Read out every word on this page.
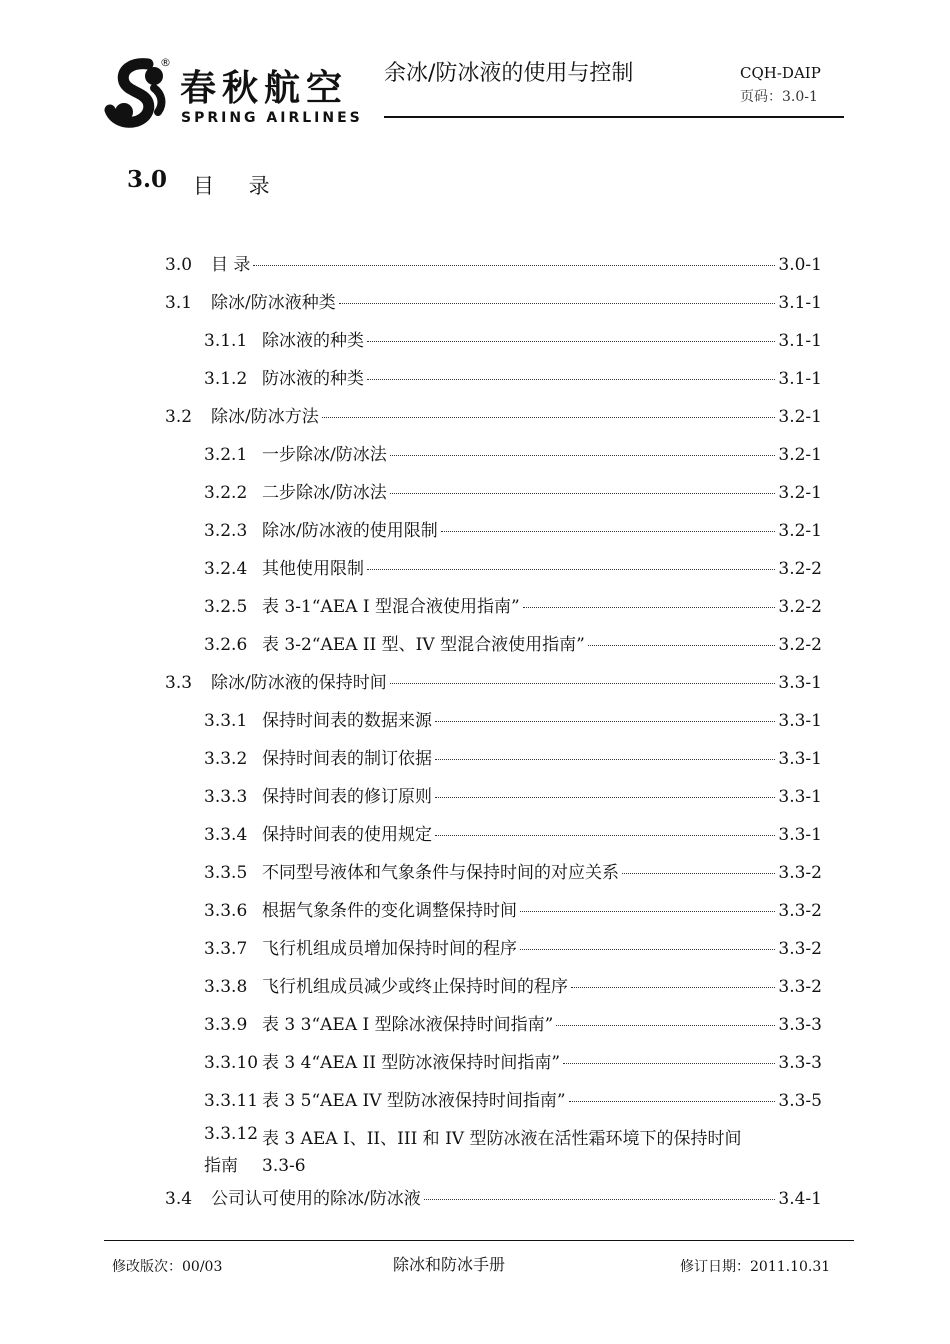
®
春秋航空
SPRING AIRLINES
余冰/防冰液的使用与控制	CQH-DAIP
页码：3.0-1
3.0 目 录
3.0	目 录	3.0-1
3.1	除冰/防冰液种类	3.1-1
3.1.1 除冰液的种类	3.1-1
3.1.2 防冰液的种类	3.1-1
3.2	除冰/防冰方法	3.2-1
3.2.1 一步除冰/防冰法	3.2-1
3.2.2 二步除冰/防冰法	3.2-1
3.2.3 除冰/防冰液的使用限制	3.2-1
3.2.4 其他使用限制	3.2-2
3.2.5 表 3-1“AEA I 型混合液使用指南”	3.2-2
3.2.6 表 3-2“AEA II 型、IV 型混合液使用指南”	3.2-2
3.3	除冰/防冰液的保持时间	3.3-1
3.3.1 保持时间表的数据来源	3.3-1
3.3.2 保持时间表的制订依据	3.3-1
3.3.3 保持时间表的修订原则	3.3-1
3.3.4 保持时间表的使用规定	3.3-1
3.3.5 不同型号液体和气象条件与保持时间的对应关系	3.3-2
3.3.6 根据气象条件的变化调整保持时间	3.3-2
3.3.7 飞行机组成员增加保持时间的程序	3.3-2
3.3.8 飞行机组成员减少或终止保持时间的程序	3.3-2
3.3.9 表 3 3“AEA I 型除冰液保持时间指南”	3.3-3
3.3.10 表 3 4“AEA II 型防冰液保持时间指南”	3.3-3
3.3.11 表 3 5“AEA IV 型防冰液保持时间指南”	3.3-5
3.3.12 表 3 AEA I、II、III 和 IV 型防冰液在活性霜环境下的保持时间
指南 3.3-6
3.4	公司认可使用的除冰/防冰液	3.4-1
修改版次：00/03	除冰和防冰手册	修订日期：2011.10.31
